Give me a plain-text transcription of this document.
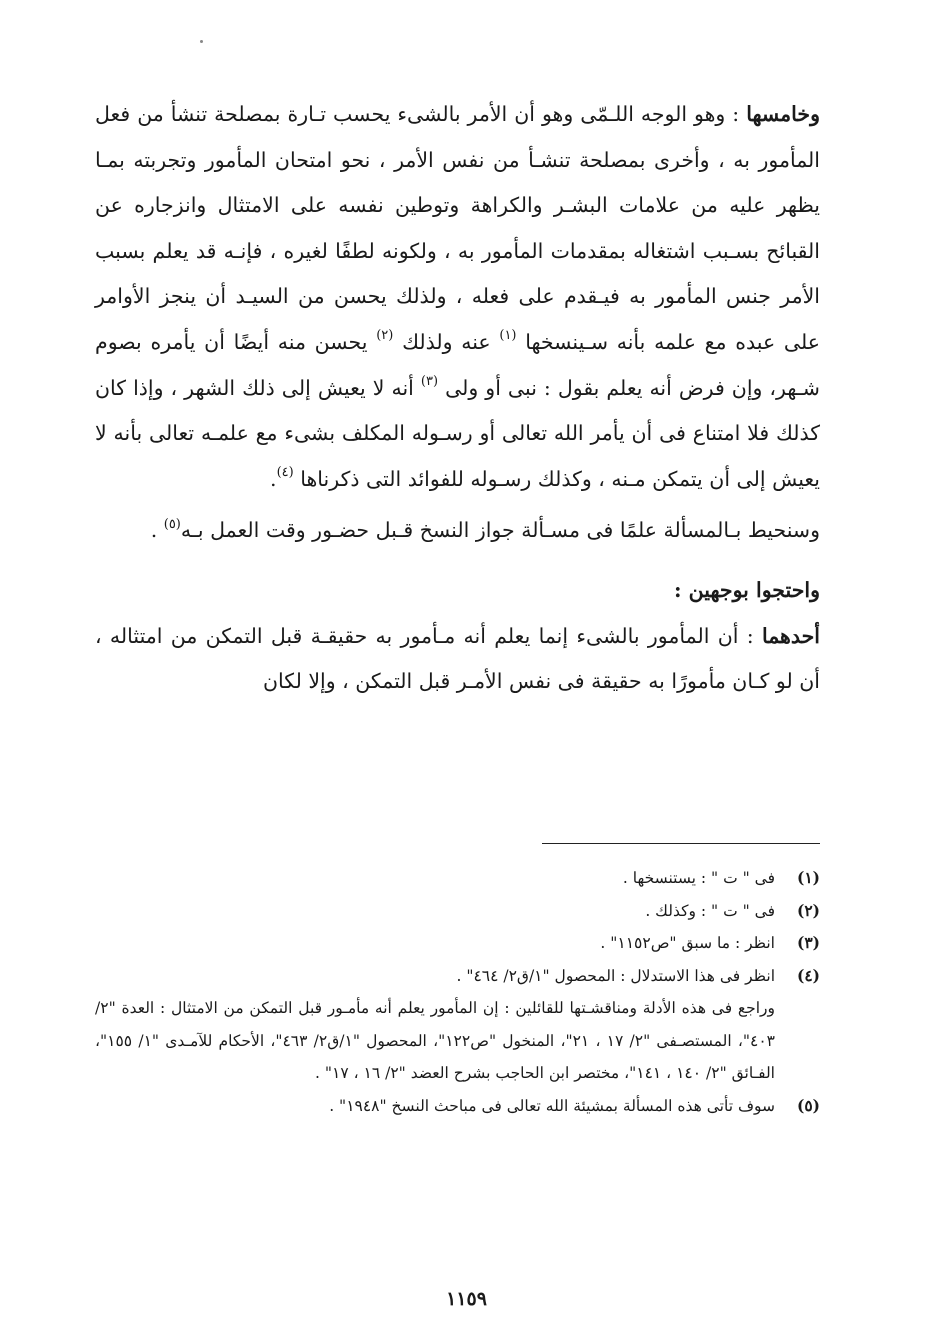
وخامسها : وهو الوجه اللـمّى وهو أن الأمر بالشىء يحسب تـارة بمصلحة تنشأ من فعل المأمور به ، وأخرى بمصلحة تنشـأ من نفس الأمر ، نحو امتحان المأمور وتجربته بمـا يظهر عليه من علامات البشـر والكراهة وتوطين نفسه على الامتثال وانزجاره عن القبائح بسـبب اشتغاله بمقدمات المأمور به ، ولكونه لطفًا لغيره ، فإنـه قد يعلم بسبب الأمر جنس المأمور به فيـقدم على فعله ، ولذلك يحسن من السيـد أن ينجز الأوامر على عبده مع علمه بأنه سـينسخها $^{(١)}$ عنه ولذلك $^{(٢)}$ يحسن منه أيضًا أن يأمره بصوم شـهر، وإن فرض أنه يعلم بقول : نبى أو ولى $^{(٣)}$ أنه لا يعيش إلى ذلك الشهر ، وإذا كان كذلك فلا امتناع فى أن يأمر الله تعالى أو رسـوله المكلف بشىء مع علمـه تعالى بأنه لا يعيش إلى أن يتمكن مـنه ، وكذلك رسـوله للفوائد التى ذكرناها $^{(٤)}$.

وسنحيط بـالمسألة علمًا فى مسـألة جواز النسخ قـبل حضـور وقت العمل بـه$^{(٥)}$ .

واحتجوا بوجهين :

أحدهما : أن المأمور بالشىء إنما يعلم أنه مـأمور به حقيقـة قبل التمكن من امتثاله ، أن لو كـان مأمورًا به حقيقة فى نفس الأمـر قبل التمكن ، وإلا لكان

(١)
فى " ت " : يستنسخها .
(٢)
فى " ت " : وكذلك .
(٣)
انظر : ما سبق "ص١١٥٢" .
(٤)
انظر فى هذا الاستدلال : المحصول "١/ق٢/ ٤٦٤" .
وراجع فى هذه الأدلة ومناقشـتها للقائلين : إن المأمور يعلم أنه مأمـور قبل التمكن من الامتثال : العدة "٢/ ٤٠٣"، المستصـفى "٢/ ١٧ ، ٢١"، المنخول "ص١٢٢"، المحصول "١/ق٢/ ٤٦٣"، الأحكام للآمـدى "١/ ١٥٥"، الفـائق "٢/ ١٤٠ ، ١٤١"، مختصر ابن الحاجب بشرح العضد "٢/ ١٦ ، ١٧" .
(٥)
سوف تأتى هذه المسألة بمشيئة الله تعالى فى مباحث النسخ "١٩٤٨" .
١١٥٩
